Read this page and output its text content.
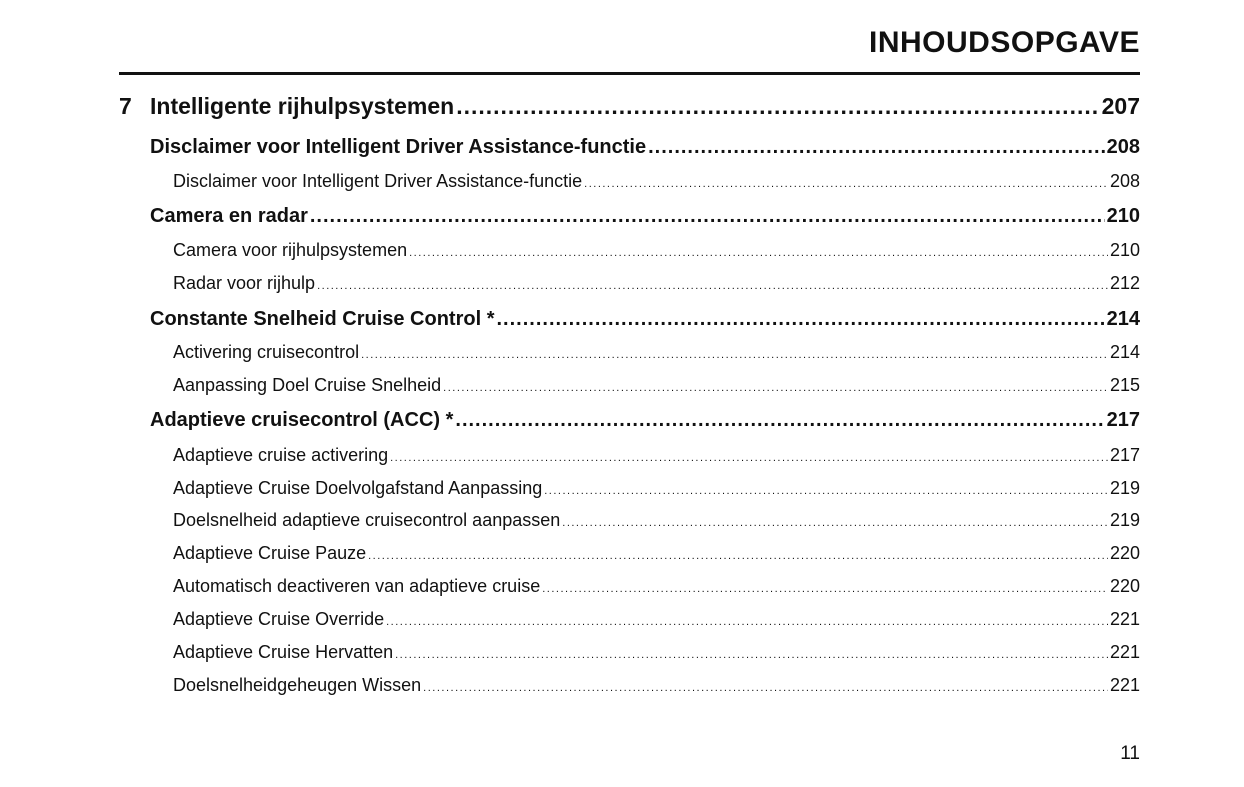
INHOUDSOPGAVE
7 Intelligente rijhulpsystemen .....	207
Disclaimer voor Intelligent Driver Assistance-functie .....	208
Disclaimer voor Intelligent Driver Assistance-functie .....	208
Camera en radar .....	210
Camera voor rijhulpsystemen .....	210
Radar voor rijhulp .....	212
Constante Snelheid Cruise Control * .....	214
Activering cruisecontrol .....	214
Aanpassing Doel Cruise Snelheid .....	215
Adaptieve cruisecontrol (ACC) * .....	217
Adaptieve cruise activering .....	217
Adaptieve Cruise Doelvolgafstand Aanpassing .....	219
Doelsnelheid adaptieve cruisecontrol aanpassen .....	219
Adaptieve Cruise Pauze .....	220
Automatisch deactiveren van adaptieve cruise .....	220
Adaptieve Cruise Override .....	221
Adaptieve Cruise Hervatten .....	221
Doelsnelheidgeheugen Wissen .....	221
11
